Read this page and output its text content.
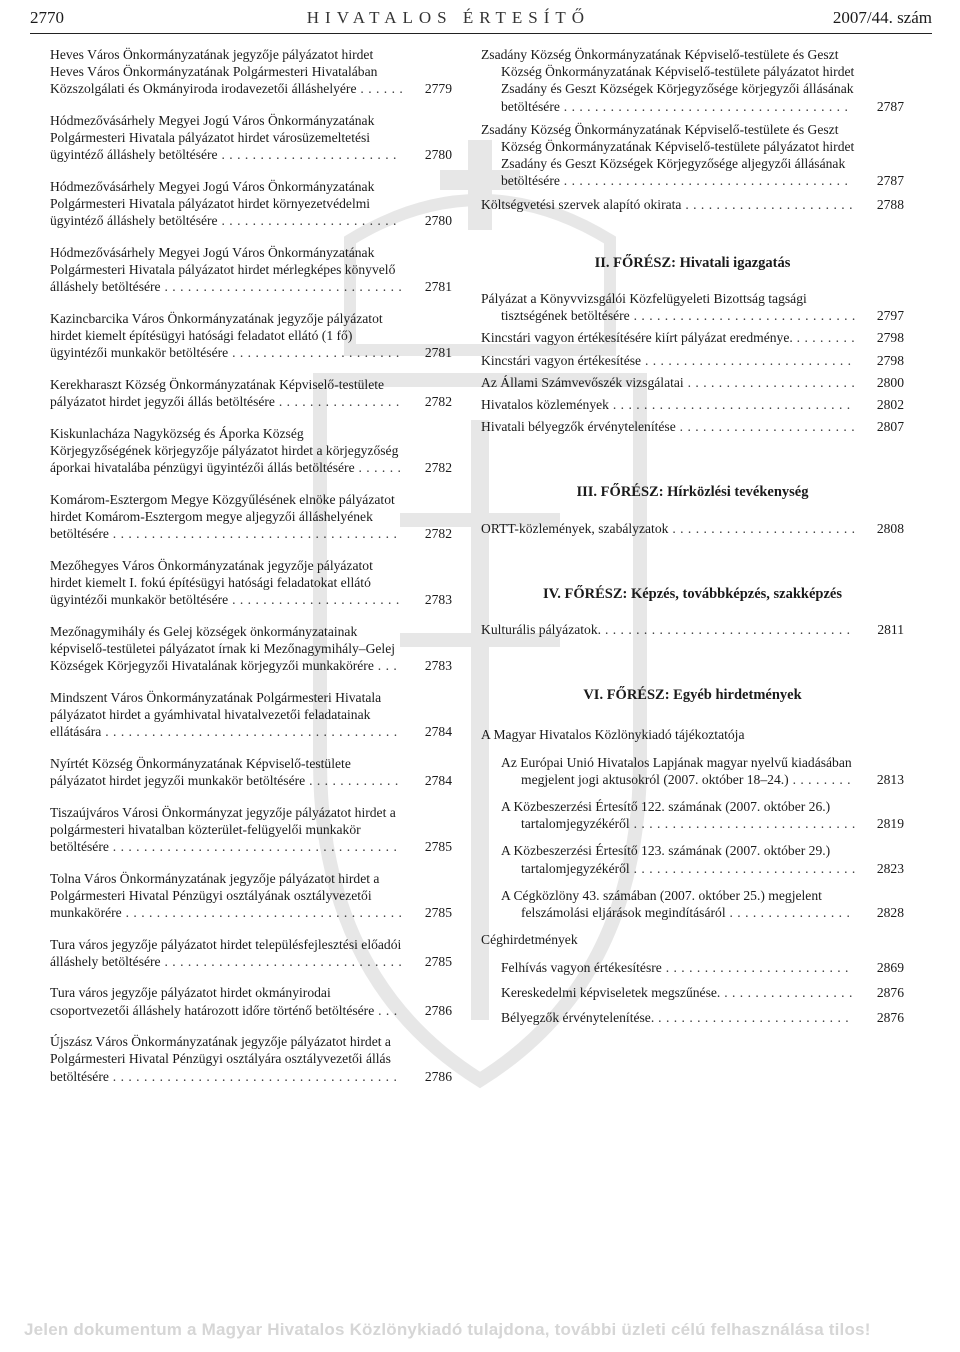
2770	HIVATALOS ÉRTESÍTŐ	2007/44. szám
Heves Város Önkormányzatának jegyzője pályázatot hirdet Heves Város Önkormányzatának Polgármesteri Hivatalában Közszolgálati és Okmányiroda irodavezetői álláshelyére . . . . . .	2779
Hódmezővásárhely Megyei Jogú Város Önkormányzatának Polgármesteri Hivatala pályázatot hirdet városüzemeltetési ügyintéző álláshely betöltésére . . . . . . . . . . . . . . . . . . . . . . .	2780
Hódmezővásárhely Megyei Jogú Város Önkormányzatának Polgármesteri Hivatala pályázatot hirdet környezetvédelmi ügyintéző álláshely betöltésére . . . . . . . . . . . . . . . . . . . . . . .	2780
Hódmezővásárhely Megyei Jogú Város Önkormányzatának Polgármesteri Hivatala pályázatot hirdet mérlegképes könyvelő álláshely betöltésére . . . . . . . . . . . . . . . . . . . . . . . . . . . . . . .	2781
Kazincbarcika Város Önkormányzatának jegyzője pályázatot hirdet kiemelt építésügyi hatósági feladatot ellátó (1 fő) ügyintézői munkakör betöltésére . . . . . . . . . . . . . . . . . . . . . .	2781
Kerekharaszt Község Önkormányzatának Képviselő-testülete pályázatot hirdet jegyzői állás betöltésére . . . . . . . . . . . . . . . .	2782
Kiskunlacháza Nagyközség és Áporka Község Körjegyzőségének körjegyzője pályázatot hirdet a körjegyzőség áporkai hivatalába pénzügyi ügyintézői állás betöltésére . . . . . .	2782
Komárom-Esztergom Megye Közgyűlésének elnöke pályázatot hirdet Komárom-Esztergom megye aljegyzői álláshelyének betöltésére . . . . . . . . . . . . . . . . . . . . . . . . . . . . . . . . . . . . .	2782
Mezőhegyes Város Önkormányzatának jegyzője pályázatot hirdet kiemelt I. fokú építésügyi hatósági feladatokat ellátó ügyintézői munkakör betöltésére . . . . . . . . . . . . . . . . . . . . . .	2783
Mezőnagymihály és Gelej községek önkormányzatainak képviselő-testületei pályázatot írnak ki Mezőnagymihály–Gelej Községek Körjegyzői Hivatalának körjegyzői munkakörére . . .	2783
Mindszent Város Önkormányzatának Polgármesteri Hivatala pályázatot hirdet a gyámhivatal hivatalvezetői feladatainak ellátására . . . . . . . . . . . . . . . . . . . . . . . . . . . . . . . . . . . . . .	2784
Nyírtét Község Önkormányzatának Képviselő-testülete pályázatot hirdet jegyzői munkakör betöltésére . . . . . . . . . . . .	2784
Tiszaújváros Városi Önkormányzat jegyzője pályázatot hirdet a polgármesteri hivatalban közterület-felügyelői munkakör betöltésére . . . . . . . . . . . . . . . . . . . . . . . . . . . . . . . . . . . . .	2785
Tolna Város Önkormányzatának jegyzője pályázatot hirdet a Polgármesteri Hivatal Pénzügyi osztályának osztályvezetői munkakörére . . . . . . . . . . . . . . . . . . . . . . . . . . . . . . . . . . . .	2785
Tura város jegyzője pályázatot hirdet településfejlesztési előadói álláshely betöltésére . . . . . . . . . . . . . . . . . . . . . . . . . . . . . . .	2785
Tura város jegyzője pályázatot hirdet okmányirodai csoportvezetői álláshely határozott időre történő betöltésére . . .	2786
Újszász Város Önkormányzatának jegyzője pályázatot hirdet a Polgármesteri Hivatal Pénzügyi osztályára osztályvezetői állás betöltésére . . . . . . . . . . . . . . . . . . . . . . . . . . . . . . . . . . . . .	2786
Zsadány Község Önkormányzatának Képviselő-testülete és Geszt Község Önkormányzatának Képviselő-testülete pályázatot hirdet Zsadány és Geszt Községek Körjegyzősége körjegyzői állásának betöltésére . . . . . . . . . . . . . . . . . . . . . . . . . . . . . . . . . . . . .	2787
Zsadány Község Önkormányzatának Képviselő-testülete és Geszt Község Önkormányzatának Képviselő-testülete pályázatot hirdet Zsadány és Geszt Községek Körjegyzősége aljegyzői állásának betöltésére . . . . . . . . . . . . . . . . . . . . . . . . . . . . . . . . . . . . .	2787
Költségvetési szervek alapító okirata . . . . . . . . . . . . . . . . . . . . . .	2788

II. FŐRÉSZ: Hivatali igazgatás

Pályázat a Könyvvizsgálói Közfelügyeleti Bizottság tagsági tisztségének betöltésére . . . . . . . . . . . . . . . . . . . . . . . . . . . . .	2797
Kincstári vagyon értékesítésére kiírt pályázat eredménye. . . . . . . . .	2798
Kincstári vagyon értékesítése . . . . . . . . . . . . . . . . . . . . . . . . . . .	2798
Az Állami Számvevőszék vizsgálatai . . . . . . . . . . . . . . . . . . . . . .	2800
Hivatalos közlemények . . . . . . . . . . . . . . . . . . . . . . . . . . . . . . .	2802
Hivatali bélyegzők érvénytelenítése . . . . . . . . . . . . . . . . . . . . . . .	2807

III. FŐRÉSZ: Hírközlési tevékenység

ORTT-közlemények, szabályzatok . . . . . . . . . . . . . . . . . . . . . . . .	2808

IV. FŐRÉSZ: Képzés, továbbképzés, szakképzés

Kulturális pályázatok. . . . . . . . . . . . . . . . . . . . . . . . . . . . . . . . .	2811

VI. FŐRÉSZ: Egyéb hirdetmények

A Magyar Hivatalos Közlönykiadó tájékoztatója

Az Európai Unió Hivatalos Lapjának magyar nyelvű kiadásában megjelent jogi aktusokról (2007. október 18–24.) . . . . . . . .	2813
A Közbeszerzési Értesítő 122. számának (2007. október 26.) tartalomjegyzékéről . . . . . . . . . . . . . . . . . . . . . . . . . . . . .	2819
A Közbeszerzési Értesítő 123. számának (2007. október 29.) tartalomjegyzékéről . . . . . . . . . . . . . . . . . . . . . . . . . . . . .	2823
A Cégközlöny 43. számában (2007. október 25.) megjelent felszámolási eljárások megindításáról . . . . . . . . . . . . . . . .	2828

Céghirdetmények

Felhívás vagyon értékesítésre . . . . . . . . . . . . . . . . . . . . . . . .	2869
Kereskedelmi képviseletek megszűnése. . . . . . . . . . . . . . . . . .	2876
Bélyegzők érvénytelenítése. . . . . . . . . . . . . . . . . . . . . . . . . .	2876
Jelen dokumentum a Magyar Hivatalos Közlönykiadó tulajdona, további üzleti célú felhasználása tilos!
